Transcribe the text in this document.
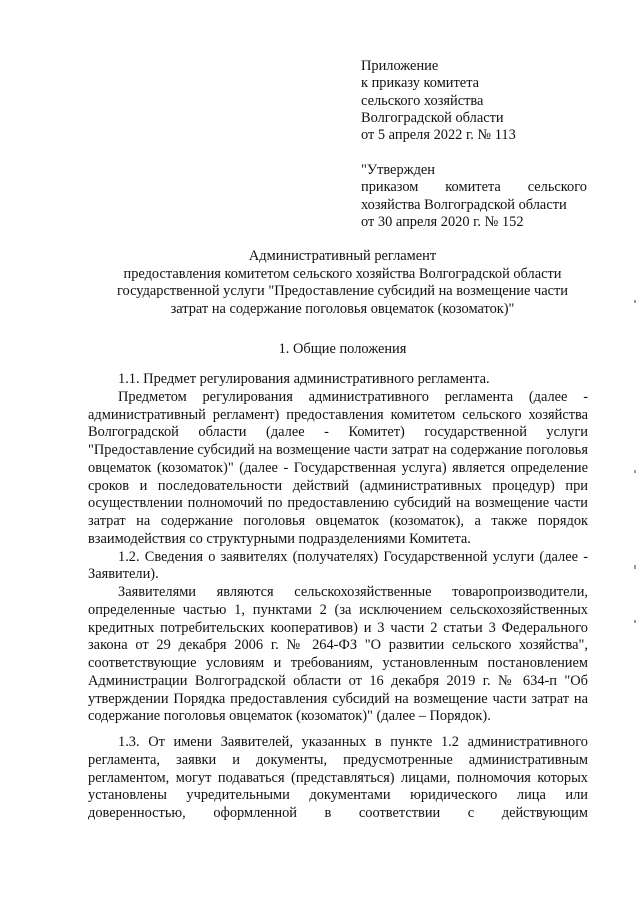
Приложение
к приказу комитета
сельского хозяйства
Волгоградской области
от 5 апреля 2022 г. № 113
"Утвержден
приказом комитета сельского
хозяйства Волгоградской области
от 30 апреля 2020 г. № 152
Административный регламент
предоставления комитетом сельского хозяйства Волгоградской области
государственной услуги "Предоставление субсидий на возмещение части
затрат на содержание поголовья овцематок (козоматок)"
1. Общие положения

1.1. Предмет регулирования административного регламента.

Предметом регулирования административного регламента (далее - административный регламент) предоставления комитетом сельского хозяйства Волгоградской области (далее - Комитет) государственной услуги "Предоставление субсидий на возмещение части затрат на содержание поголовья овцематок (козоматок)" (далее - Государственная услуга) является определение сроков и последовательности действий (административных процедур) при осуществлении полномочий по предоставлению субсидий на возмещение части затрат на содержание поголовья овцематок (козоматок), а также порядок взаимодействия со структурными подразделениями Комитета.

1.2. Сведения о заявителях (получателях) Государственной услуги (далее - Заявители).

Заявителями являются сельскохозяйственные товаропроизводители, определенные частью 1, пунктами 2 (за исключением сельскохозяйственных кредитных потребительских кооперативов) и 3 части 2 статьи 3 Федерального закона от 29 декабря 2006 г. № 264-ФЗ "О развитии сельского хозяйства", соответствующие условиям и требованиям, установленным постановлением Администрации Волгоградской области от 16 декабря 2019 г. № 634-п "Об утверждении Порядка предоставления субсидий на возмещение части затрат на содержание поголовья овцематок (козоматок)" (далее – Порядок).

1.3. От имени Заявителей, указанных в пункте 1.2 административного регламента, заявки и документы, предусмотренные административным регламентом, могут подаваться (представляться) лицами, полномочия которых установлены учредительными документами юридического лица или доверенностью, оформленной в соответствии с действующим
